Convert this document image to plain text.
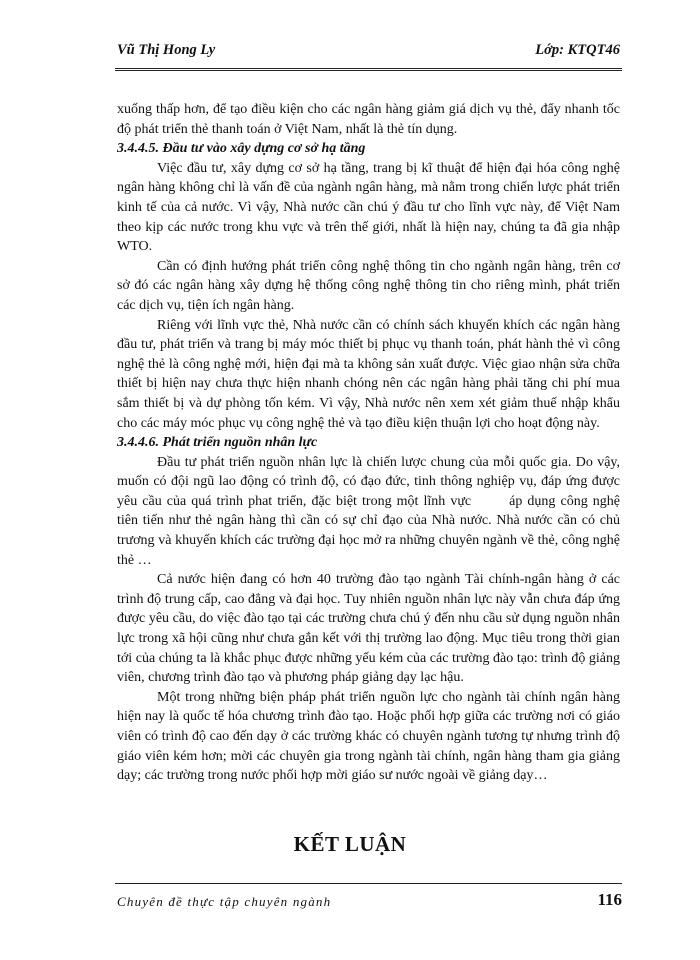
Vũ Thị Hong Ly	Lớp: KTQT46

xuống thấp hơn, để tạo điều kiện cho các ngân hàng giảm giá dịch vụ thẻ, đẩy nhanh tốc độ phát triển thẻ thanh toán ở Việt Nam, nhất là thẻ tín dụng.

3.4.4.5. Đầu tư vào xây dựng cơ sở hạ tầng

Việc đầu tư, xây dựng cơ sở hạ tầng, trang bị kĩ thuật để hiện đại hóa công nghệ ngân hàng không chỉ là vấn đề của ngành ngân hàng, mà nằm trong chiến lược phát triển kinh tế của cả nước. Vì vậy, Nhà nước cần chú ý đầu tư cho lĩnh vực này, để Việt Nam theo kịp các nước trong khu vực và trên thế giới, nhất là hiện nay, chúng ta đã gia nhập WTO.

Cần có định hướng phát triển công nghệ thông tin cho ngành ngân hàng, trên cơ sở đó các ngân hàng xây dựng hệ thống công nghệ thông tin cho riêng mình, phát triển các dịch vụ, tiện ích ngân hàng.

Riêng với lĩnh vực thẻ, Nhà nước cần có chính sách khuyến khích các ngân hàng đầu tư, phát triển và trang bị máy móc thiết bị phục vụ thanh toán, phát hành thẻ vì công nghệ thẻ là công nghệ mới, hiện đại mà ta không sản xuất được. Việc giao nhận sửa chữa thiết bị hiện nay chưa thực hiện nhanh chóng nên các ngân hàng phải tăng chi phí mua sắm thiết bị và dự phòng tốn kém. Vì vậy, Nhà nước nên xem xét giảm thuế nhập khẩu cho các máy móc phục vụ công nghệ thẻ và tạo điều kiện thuận lợi cho hoạt động này.

3.4.4.6. Phát triển nguồn nhân lực

Đầu tư phát triển nguồn nhân lực là chiến lược chung của mỗi quốc gia. Do vậy, muốn có đội ngũ lao động có trình độ, có đạo đức, tinh thông nghiệp vụ, đáp ứng được yêu cầu của quá trình phat triển, đặc biệt trong một lĩnh vực	áp dụng công nghệ tiên tiến như thẻ ngân hàng thì cần có sự chỉ đạo của Nhà nước. Nhà nước cần có chủ trương và khuyến khích các trường đại học mở ra những chuyên ngành về thẻ, công nghệ thẻ …

Cả nước hiện đang có hơn 40 trường đào tạo ngành Tài chính-ngân hàng ở các trình độ trung cấp, cao đẳng và đại học. Tuy nhiên nguồn nhân lực này vẫn chưa đáp ứng được yêu cầu, do việc đào tạo tại các trường chưa chú ý đến nhu cầu sử dụng nguồn nhân lực trong xã hội cũng như chưa gắn kết với thị trường lao động. Mục tiêu trong thời gian tới của chúng ta là khắc phục được những yếu kém của các trường đào tạo: trình độ giảng viên, chương trình đào tạo và phương pháp giảng dạy lạc hậu.

Một trong những biện pháp phát triển nguồn lực cho ngành tài chính ngân hàng hiện nay là quốc tế hóa chương trình đào tạo. Hoặc phối hợp giữa các trường nơi có giáo viên có trình độ cao đến dạy ở các trường khác có chuyên ngành tương tự nhưng trình độ giáo viên kém hơn; mời các chuyên gia trong ngành tài chính, ngân hàng tham gia giảng dạy; các trường trong nước phối hợp mời giáo sư nước ngoài về giảng dạy…

KẾT LUẬN
Chuyên đề thực tập chuyên ngành	116
